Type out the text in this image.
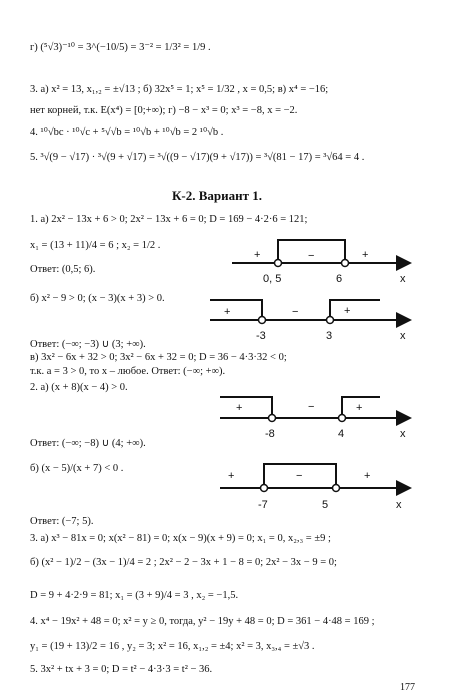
г) (⁵√3)⁻¹⁰ = 3^(−10/5) = 3⁻² = 1/3² = 1/9 .
3. а) x² = 13, x₁,₂ = ±√13 ; б) 32x⁵ = 1; x⁵ = 1/32 , x = 0,5; в) x⁴ = −16;
нет корней, т.к. E(x⁴) = [0;+∞); г) −8 − x³ = 0; x³ = −8, x = −2.
4. ¹⁰√bc · ¹⁰√c + ⁵√√b = ¹⁰√b + ¹⁰√b = 2 ¹⁰√b .
5. ³√(9 − √17) · ³√(9 + √17) = ³√((9 − √17)(9 + √17)) = ³√(81 − 17) = ³√64 = 4 .
К-2. Вариант 1.
1. а) 2x² − 13x + 6 > 0; 2x² − 13x + 6 = 0; D = 169 − 4·2·6 = 121;
x₁ = (13 + 11)/4 = 6 ; x₂ = 1/2 .
Ответ: (0,5; 6).
б) x² − 9 > 0; (x − 3)(x + 3) > 0.
Ответ: (−∞; −3) ∪ (3; +∞).
в) 3x² − 6x + 32 > 0; 3x² − 6x + 32 = 0; D = 36 − 4·3·32 < 0;
т.к. a = 3 > 0, то x – любое. Ответ: (−∞; +∞).
2. а) (x + 8)(x − 4) > 0.
Ответ: (−∞; −8) ∪ (4; +∞).
б) (x − 5)/(x + 7) < 0 .
Ответ: (−7; 5).
3. а) x³ − 81x = 0; x(x² − 81) = 0; x(x − 9)(x + 9) = 0; x₁ = 0, x₂,₃ = ±9 ;
б) (x² − 1)/2 − (3x − 1)/4 = 2 ; 2x² − 2 − 3x + 1 − 8 = 0; 2x² − 3x − 9 = 0;
D = 9 + 4·2·9 = 81; x₁ = (3 + 9)/4 = 3 , x₂ = −1,5.
4. x⁴ − 19x² + 48 = 0; x² = y ≥ 0, тогда, y² − 19y + 48 = 0; D = 361 − 4·48 = 169 ;
y₁ = (19 + 13)/2 = 16 , y₂ = 3; x² = 16, x₁,₂ = ±4; x² = 3, x₃,₄ = ±√3 .
5. 3x² + tx + 3 = 0; D = t² − 4·3·3 = t² − 36.
+	−	+
0, 5	6	x
+	−	+
-3	3	x
+	−	+
-8	4	x
+	−	+
-7	5	x
177
